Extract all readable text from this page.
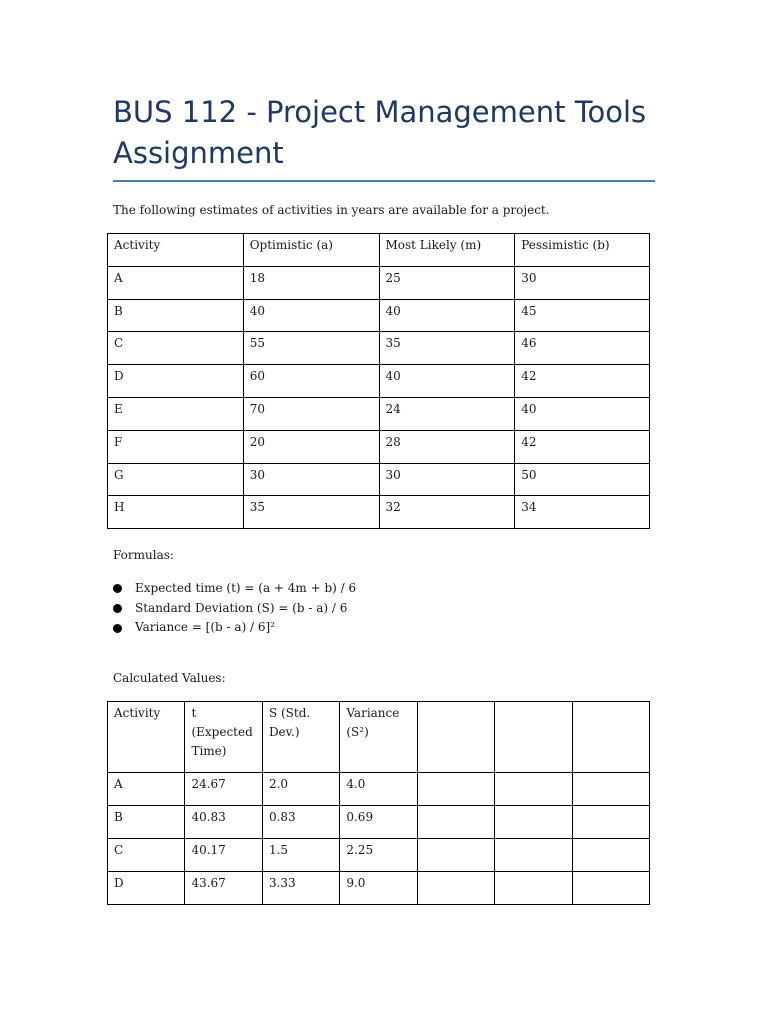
BUS 112 - Project Management Tools Assignment
The following estimates of activities in years are available for a project.
Activity	Optimistic (a)	Most Likely (m)	Pessimistic (b)
A	18	25	30
B	40	40	45
C	55	35	46
D	60	40	42
E	70	24	40
F	20	28	42
G	30	30	50
H	35	32	34
Formulas:
Expected time (t) = (a + 4m + b) / 6
Standard Deviation (S) = (b - a) / 6
Variance = [(b - a) / 6]²
Calculated Values:
Activity	t (Expected Time)	S (Std. Dev.)	Variance (S²)			
A	24.67	2.0	4.0			
B	40.83	0.83	0.69			
C	40.17	1.5	2.25			
D	43.67	3.33	9.0			
